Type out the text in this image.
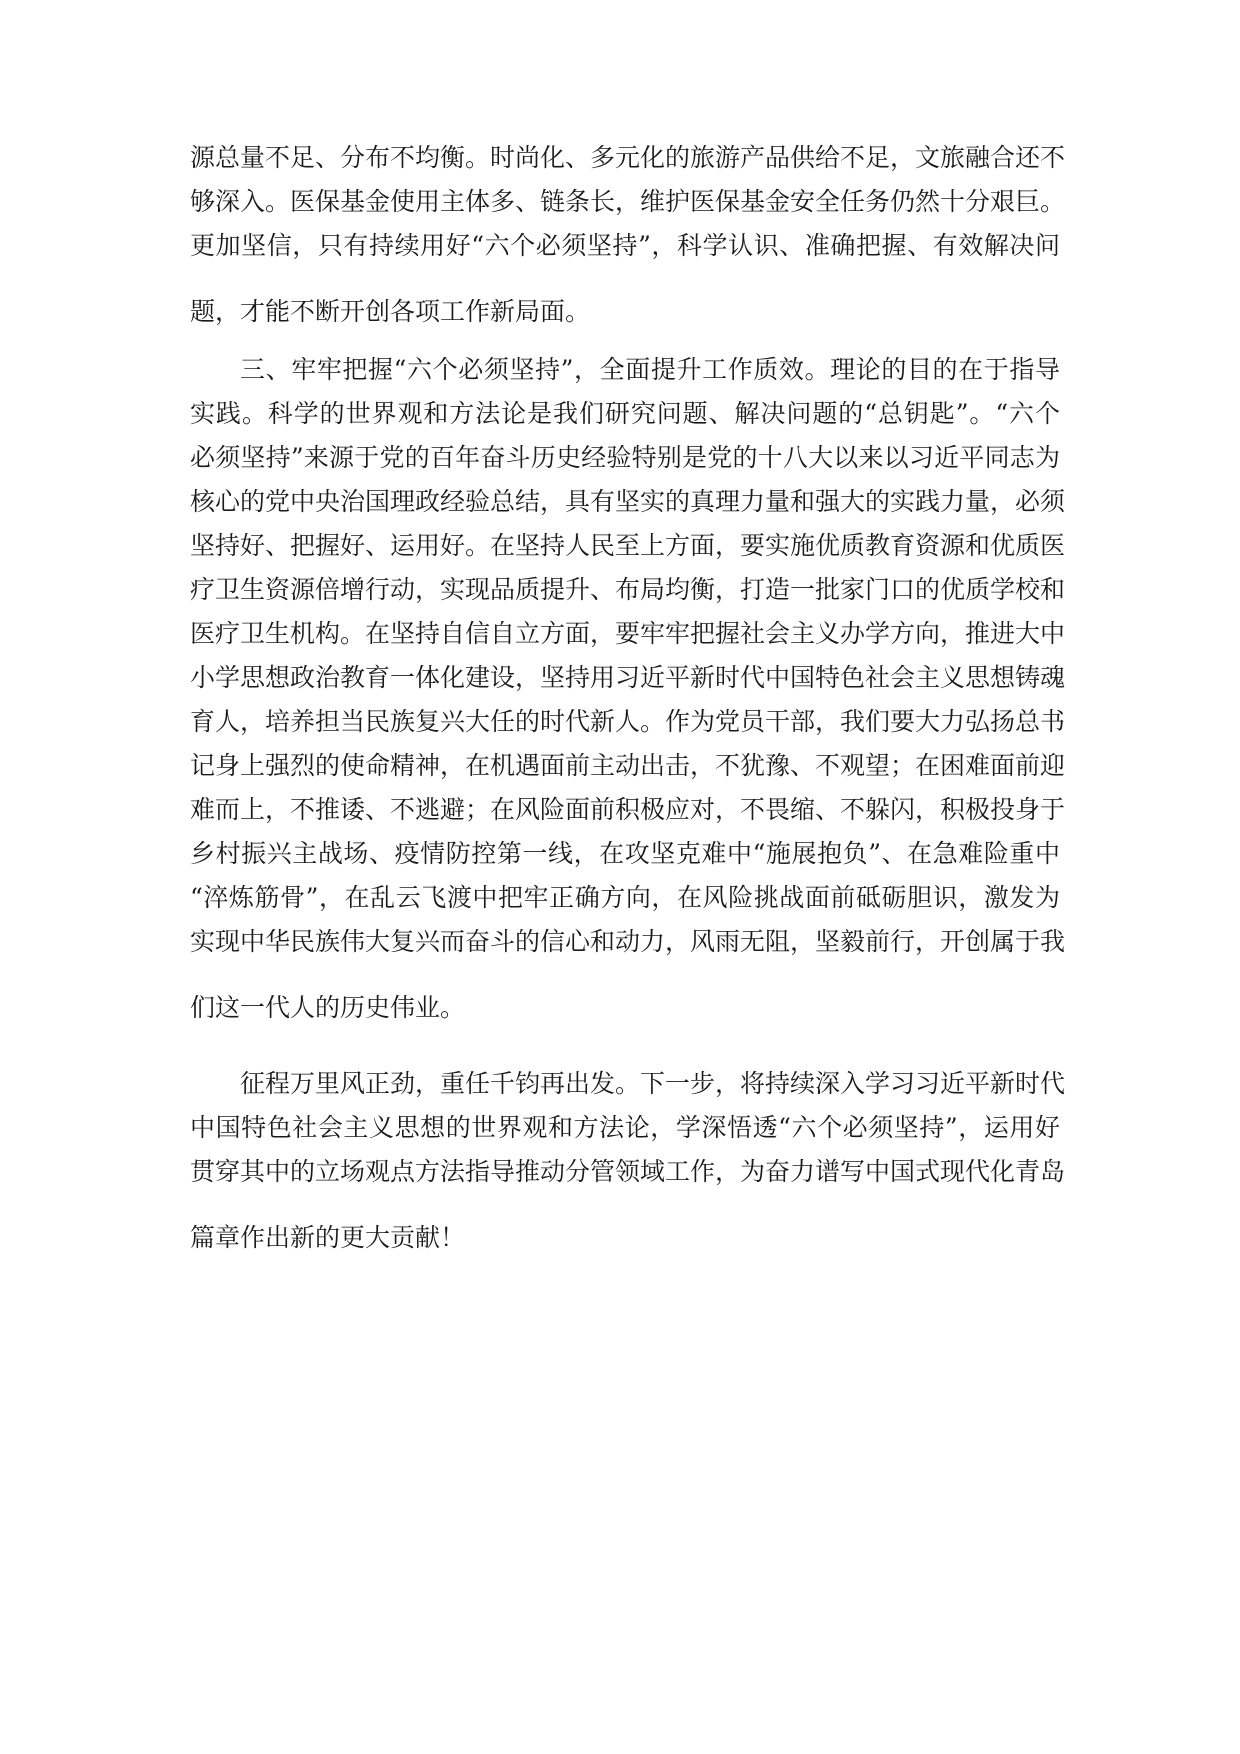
源总量不足、分布不均衡。时尚化、多元化的旅游产品供给不足，文旅融合还不

够深入。医保基金使用主体多、链条长，维护医保基金安全任务仍然十分艰巨。

更加坚信，只有持续用好“六个必须坚持”，科学认识、准确把握、有效解决问

题，才能不断开创各项工作新局面。

三、牢牢把握“六个必须坚持”，全面提升工作质效。理论的目的在于指导

实践。科学的世界观和方法论是我们研究问题、解决问题的“总钥匙”。“六个

必须坚持”来源于党的百年奋斗历史经验特别是党的十八大以来以习近平同志为

核心的党中央治国理政经验总结，具有坚实的真理力量和强大的实践力量，必须

坚持好、把握好、运用好。在坚持人民至上方面，要实施优质教育资源和优质医

疗卫生资源倍增行动，实现品质提升、布局均衡，打造一批家门口的优质学校和

医疗卫生机构。在坚持自信自立方面，要牢牢把握社会主义办学方向，推进大中

小学思想政治教育一体化建设，坚持用习近平新时代中国特色社会主义思想铸魂

育人，培养担当民族复兴大任的时代新人。作为党员干部，我们要大力弘扬总书

记身上强烈的使命精神，在机遇面前主动出击，不犹豫、不观望；在困难面前迎

难而上，不推诿、不逃避；在风险面前积极应对，不畏缩、不躲闪，积极投身于

乡村振兴主战场、疫情防控第一线，在攻坚克难中“施展抱负”、在急难险重中

“淬炼筋骨”，在乱云飞渡中把牢正确方向，在风险挑战面前砥砺胆识，激发为

实现中华民族伟大复兴而奋斗的信心和动力，风雨无阻，坚毅前行，开创属于我

们这一代人的历史伟业。

征程万里风正劲，重任千钧再出发。下一步，将持续深入学习习近平新时代

中国特色社会主义思想的世界观和方法论，学深悟透“六个必须坚持”，运用好

贯穿其中的立场观点方法指导推动分管领域工作，为奋力谱写中国式现代化青岛

篇章作出新的更大贡献！
